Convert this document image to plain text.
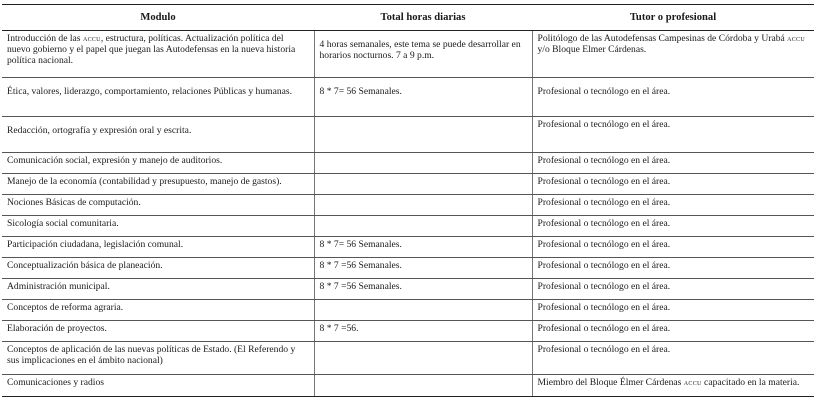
Modulo	Total horas diarias	Tutor o profesional
Introducción de las accu, estructura, políticas. Actualización política del nuevo gobierno y el papel que juegan las Autodefensas en la nueva historia política nacional.	4 horas semanales, este tema se puede desarrollar en horarios nocturnos. 7 a 9 p.m.	Politólogo de las Autodefensas Campesinas de Córdoba y Urabá accu y/o Bloque Elmer Cárdenas.
Ética, valores, liderazgo, comportamiento, relaciones Públicas y humanas.	8 * 7= 56 Semanales.	Profesional o tecnólogo en el área.
Redacción, ortografía y expresión oral y escrita.		Profesional o tecnólogo en el área.
Comunicación social, expresión y manejo de auditorios.		Profesional o tecnólogo en el área.
Manejo de la economía (contabilidad y presupuesto, manejo de gastos).		Profesional o tecnólogo en el área.
Nociones Básicas de computación.		Profesional o tecnólogo en el área.
Sicología social comunitaria.		Profesional o tecnólogo en el área.
Participación ciudadana, legislación comunal.	8 * 7= 56 Semanales.	Profesional o tecnólogo en el área.
Conceptualización básica de planeación.	8 * 7 =56 Semanales.	Profesional o tecnólogo en el área.
Administración municipal.	8 * 7 =56 Semanales.	Profesional o tecnólogo en el área.
Conceptos de reforma agraria.		Profesional o tecnólogo en el área.
Elaboración de proyectos.	8 * 7 =56.	Profesional o tecnólogo en el área.
Conceptos de aplicación de las nuevas políticas de Estado. (El Referendo y sus implicaciones en el ámbito nacional)		Profesional o tecnólogo en el área.
Comunicaciones y radios		Miembro del Bloque Élmer Cárdenas accu capacitado en la materia.
